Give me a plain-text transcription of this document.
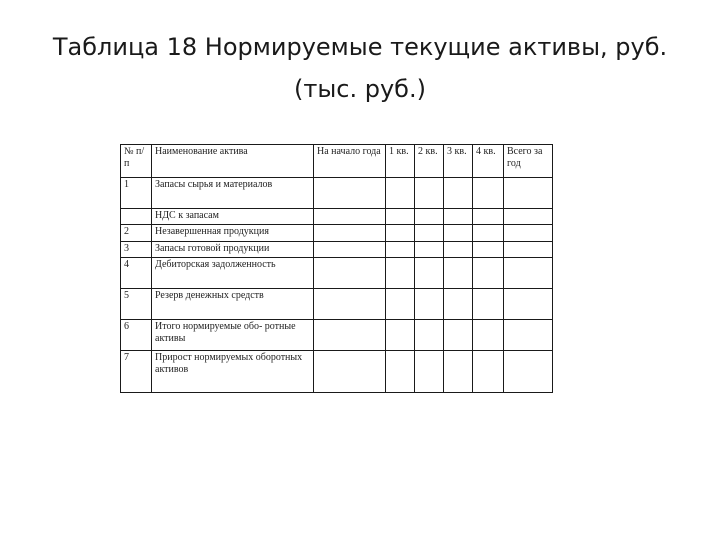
Таблица 18 Нормируемые текущие активы, руб. (тыс. руб.)
№ п/ п	Наименование актива	На начало года	1 кв.	2 кв.	3 кв.	4 кв.	Всего за год
1	Запасы сырья и материалов						
	НДС к запасам						
2	Незавершенная продукция						
3	Запасы готовой продукции						
4	Дебиторская задолженность						
5	Резерв денежных средств						
6	Итого нормируемые обо- ротные активы						
7	Прирост нормируемых оборотных активов						
